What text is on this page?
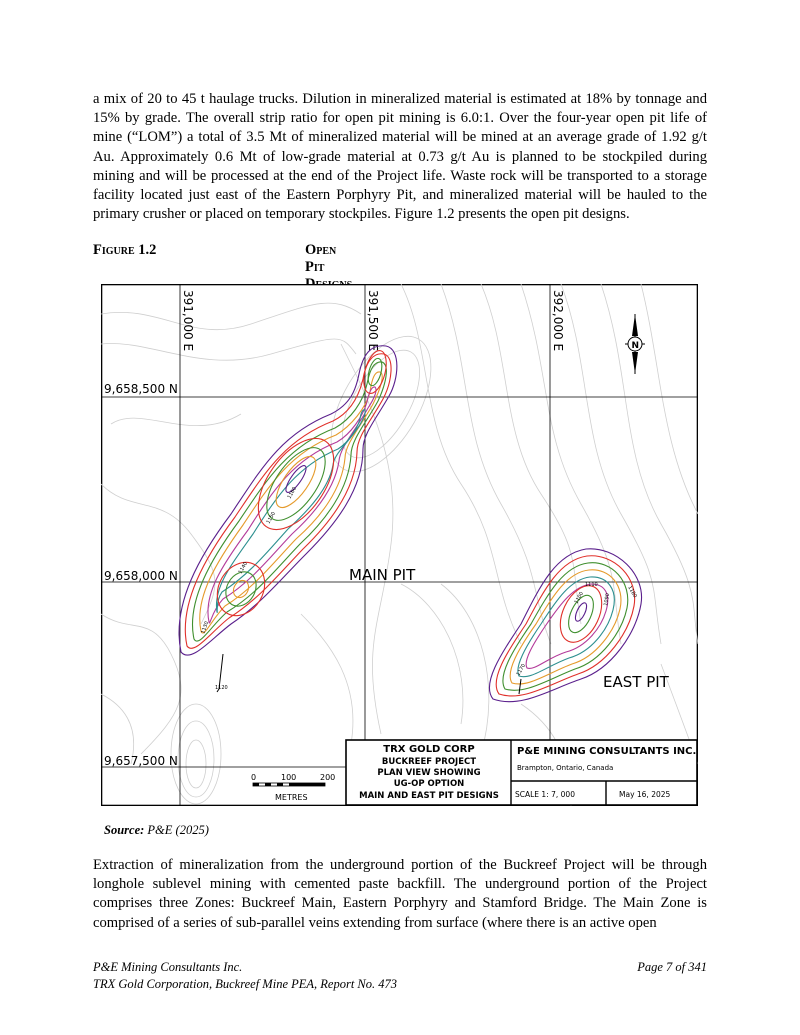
a mix of 20 to 45 t haulage trucks. Dilution in mineralized material is estimated at 18% by tonnage and 15% by grade. The overall strip ratio for open pit mining is 6.0:1. Over the four-year open pit life of mine (“LOM”) a total of 3.5 Mt of mineralized material will be mined at an average grade of 1.92 g/t Au. Approximately 0.6 Mt of low-grade material at 0.73 g/t Au is planned to be stockpiled during mining and will be processed at the end of the Project life. Waste rock will be transported to a storage facility located just east of the Eastern Porphyry Pit, and mineralized material will be hauled to the primary crusher or placed on temporary stockpiles. Figure 1.2 presents the open pit designs.

Figure 1.2	Open Pit
391,000 E	391,500 E	392,000 E
9,658,500 N
9,658,000 N
9,657,500 N
N
1160
1150
1140
1130
1120
1110
1100	1090
1170
1180
MAIN PIT
EAST PIT
0	100	200
METRES
TRX GOLD CORP
BUCKREEF PROJECT
PLAN VIEW SHOWING
UG-OP OPTION
MAIN AND EAST PIT DESIGNS
P&E MINING CONSULTANTS INC.
Brampton, Ontario, Canada
SCALE 1: 7, 000	May 16, 2025
Source: P&E (2025)

Extraction of mineralization from the underground portion of the Buckreef Project will be through longhole sublevel mining with cemented paste backfill. The underground portion of the Project comprises three Zones: Buckreef Main, Eastern Porphyry and Stamford Bridge. The Main Zone is comprised of a series of sub-parallel veins extending from surface (where there is an active open

P&E Mining Consultants Inc.	Page 7 of 341
TRX Gold Corporation, Buckreef Mine PEA, Report No. 473
